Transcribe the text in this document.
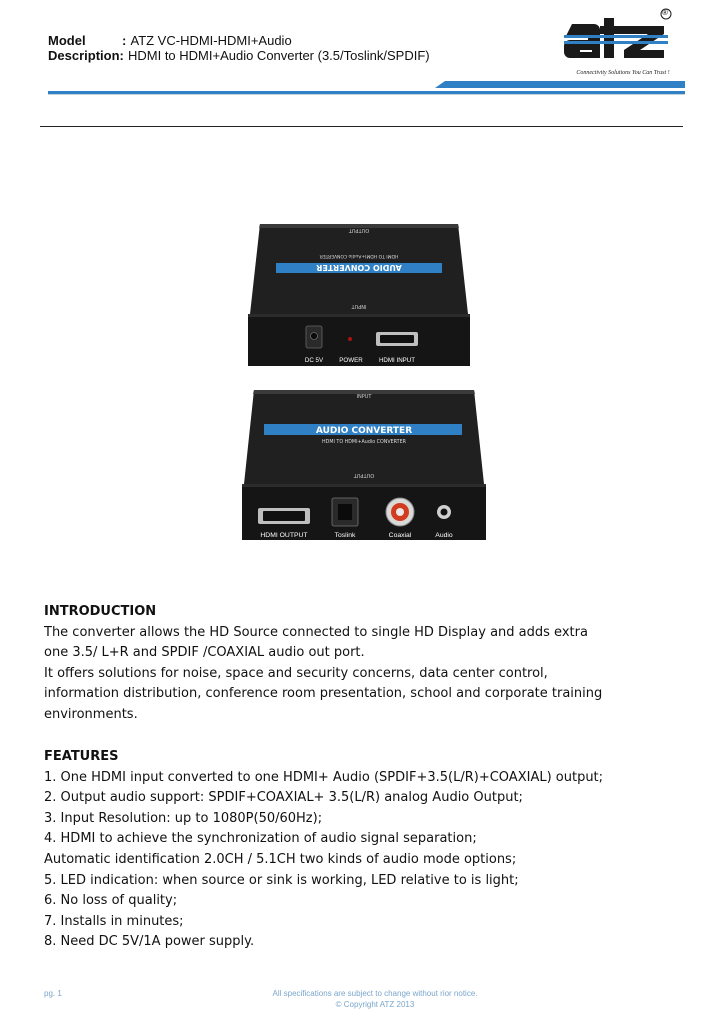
Model	: ATZ VC-HDMI-HDMI+Audio
Description: HDMI to HDMI+Audio Converter (3.5/Toslink/SPDIF)
®
Connectivity Solutions You Can Trust !
OUTPUT
HDMI TO HDMI+Audio CONVERTER
AUDIO CONVERTER
INPUT
DC 5V	POWER	HDMI INPUT
INPUT
AUDIO CONVERTER
HDMI TO HDMI+Audio CONVERTER
OUTPUT
HDMI OUTPUT	Toslink	Coaxial	Audio
INTRODUCTION

The converter allows the HD Source connected to single HD Display and adds extra

one 3.5/ L+R and SPDIF /COAXIAL audio out port.

It offers solutions for noise, space and security concerns, data center control,

information distribution, conference room presentation, school and corporate training

environments.

FEATURES

1. One HDMI input converted to one HDMI+ Audio (SPDIF+3.5(L/R)+COAXIAL) output;

2. Output audio support: SPDIF+COAXIAL+ 3.5(L/R) analog Audio Output;

3. Input Resolution: up to 1080P(50/60Hz);

4. HDMI to achieve the synchronization of audio signal separation;

Automatic identification 2.0CH / 5.1CH two kinds of audio mode options;

5. LED indication: when source or sink is working, LED relative to is light;

6. No loss of quality;

7. Installs in minutes;

8. Need DC 5V/1A power supply.

pg. 1	All specifications are subject to change without rior notice.
© Copyright ATZ 2013
